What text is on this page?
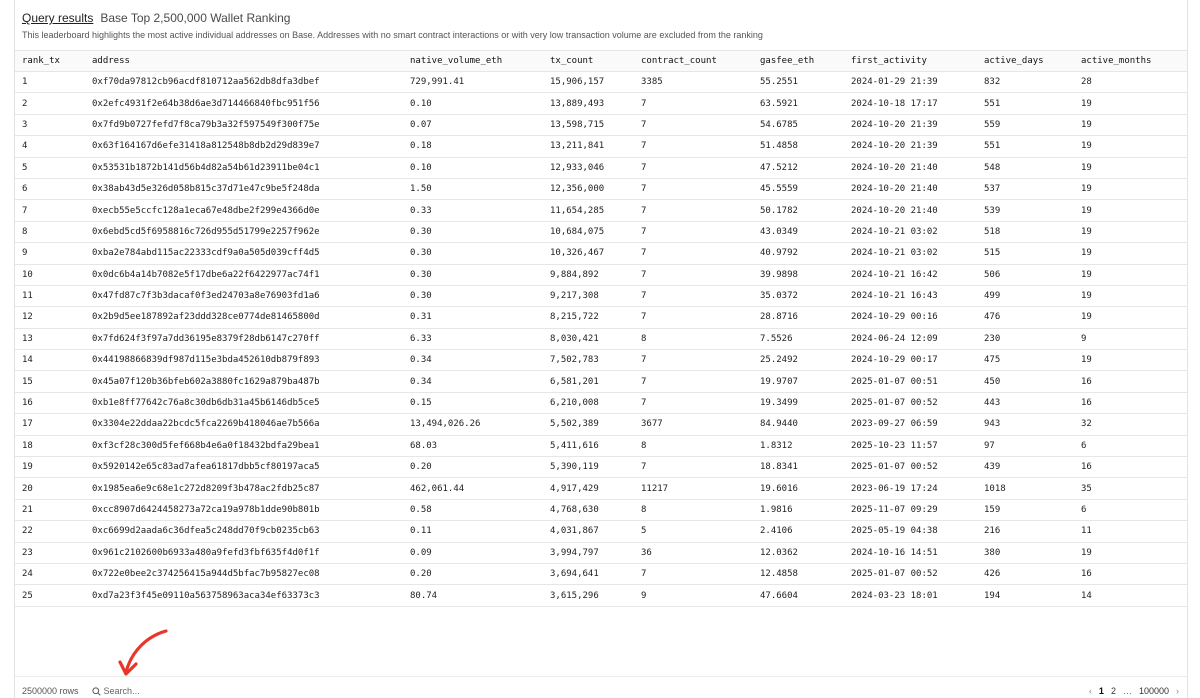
Query results Base Top 2,500,000 Wallet Ranking
This leaderboard highlights the most active individual addresses on Base. Addresses with no smart contract interactions or with very low transaction volume are excluded from the ranking
rank_tx	address	native_volume_eth	tx_count	contract_count	gasfee_eth	first_activity	active_days	active_months
1	0xf70da97812cb96acdf810712aa562db8dfa3dbef	729,991.41	15,906,157	3385	55.2551	2024-01-29 21:39	832	28
2	0x2efc4931f2e64b38d6ae3d714466840fbc951f56	0.10	13,889,493	7	63.5921	2024-10-18 17:17	551	19
3	0x7fd9b0727fefd7f8ca79b3a32f597549f300f75e	0.07	13,598,715	7	54.6785	2024-10-20 21:39	559	19
4	0x63f164167d6efe31418a812548b8db2d29d839e7	0.18	13,211,841	7	51.4858	2024-10-20 21:39	551	19
5	0x53531b1872b141d56b4d82a54b61d23911be04c1	0.10	12,933,046	7	47.5212	2024-10-20 21:40	548	19
6	0x38ab43d5e326d058b815c37d71e47c9be5f248da	1.50	12,356,000	7	45.5559	2024-10-20 21:40	537	19
7	0xecb55e5ccfc128a1eca67e48dbe2f299e4366d0e	0.33	11,654,285	7	50.1782	2024-10-20 21:40	539	19
8	0x6ebd5cd5f6958816c726d955d51799e2257f962e	0.30	10,684,075	7	43.0349	2024-10-21 03:02	518	19
9	0xba2e784abd115ac22333cdf9a0a505d039cff4d5	0.30	10,326,467	7	40.9792	2024-10-21 03:02	515	19
10	0x0dc6b4a14b7082e5f17dbe6a22f6422977ac74f1	0.30	9,884,892	7	39.9898	2024-10-21 16:42	506	19
11	0x47fd87c7f3b3dacaf0f3ed24703a8e76903fd1a6	0.30	9,217,308	7	35.0372	2024-10-21 16:43	499	19
12	0x2b9d5ee187892af23ddd328ce0774de81465800d	0.31	8,215,722	7	28.8716	2024-10-29 00:16	476	19
13	0x7fd624f3f97a7dd36195e8379f28db6147c270ff	6.33	8,030,421	8	7.5526	2024-06-24 12:09	230	9
14	0x44198866839df987d115e3bda452610db879f893	0.34	7,502,783	7	25.2492	2024-10-29 00:17	475	19
15	0x45a07f120b36bfeb602a3880fc1629a879ba487b	0.34	6,581,201	7	19.9707	2025-01-07 00:51	450	16
16	0xb1e8ff77642c76a8c30db6db31a45b6146db5ce5	0.15	6,210,008	7	19.3499	2025-01-07 00:52	443	16
17	0x3304e22ddaa22bcdc5fca2269b418046ae7b566a	13,494,026.26	5,502,389	3677	84.9440	2023-09-27 06:59	943	32
18	0xf3cf28c300d5fef668b4e6a0f18432bdfa29bea1	68.03	5,411,616	8	1.8312	2025-10-23 11:57	97	6
19	0x5920142e65c83ad7afea61817dbb5cf80197aca5	0.20	5,390,119	7	18.8341	2025-01-07 00:52	439	16
20	0x1985ea6e9c68e1c272d8209f3b478ac2fdb25c87	462,061.44	4,917,429	11217	19.6016	2023-06-19 17:24	1018	35
21	0xcc8907d6424458273a72ca19a978b1dde90b801b	0.58	4,768,630	8	1.9816	2025-11-07 09:29	159	6
22	0xc6699d2aada6c36dfea5c248dd70f9cb0235cb63	0.11	4,031,867	5	2.4106	2025-05-19 04:38	216	11
23	0x961c2102600b6933a480a9fefd3fbf635f4d0f1f	0.09	3,994,797	36	12.0362	2024-10-16 14:51	380	19
24	0x722e0bee2c374256415a944d5bfac7b95827ec08	0.20	3,694,641	7	12.4858	2025-01-07 00:52	426	16
25	0xd7a23f3f45e09110a563758963aca34ef63373c3	80.74	3,615,296	9	47.6604	2024-03-23 18:01	194	14
2500000 rows
Search...	‹ 1 2 … 100000 ›
